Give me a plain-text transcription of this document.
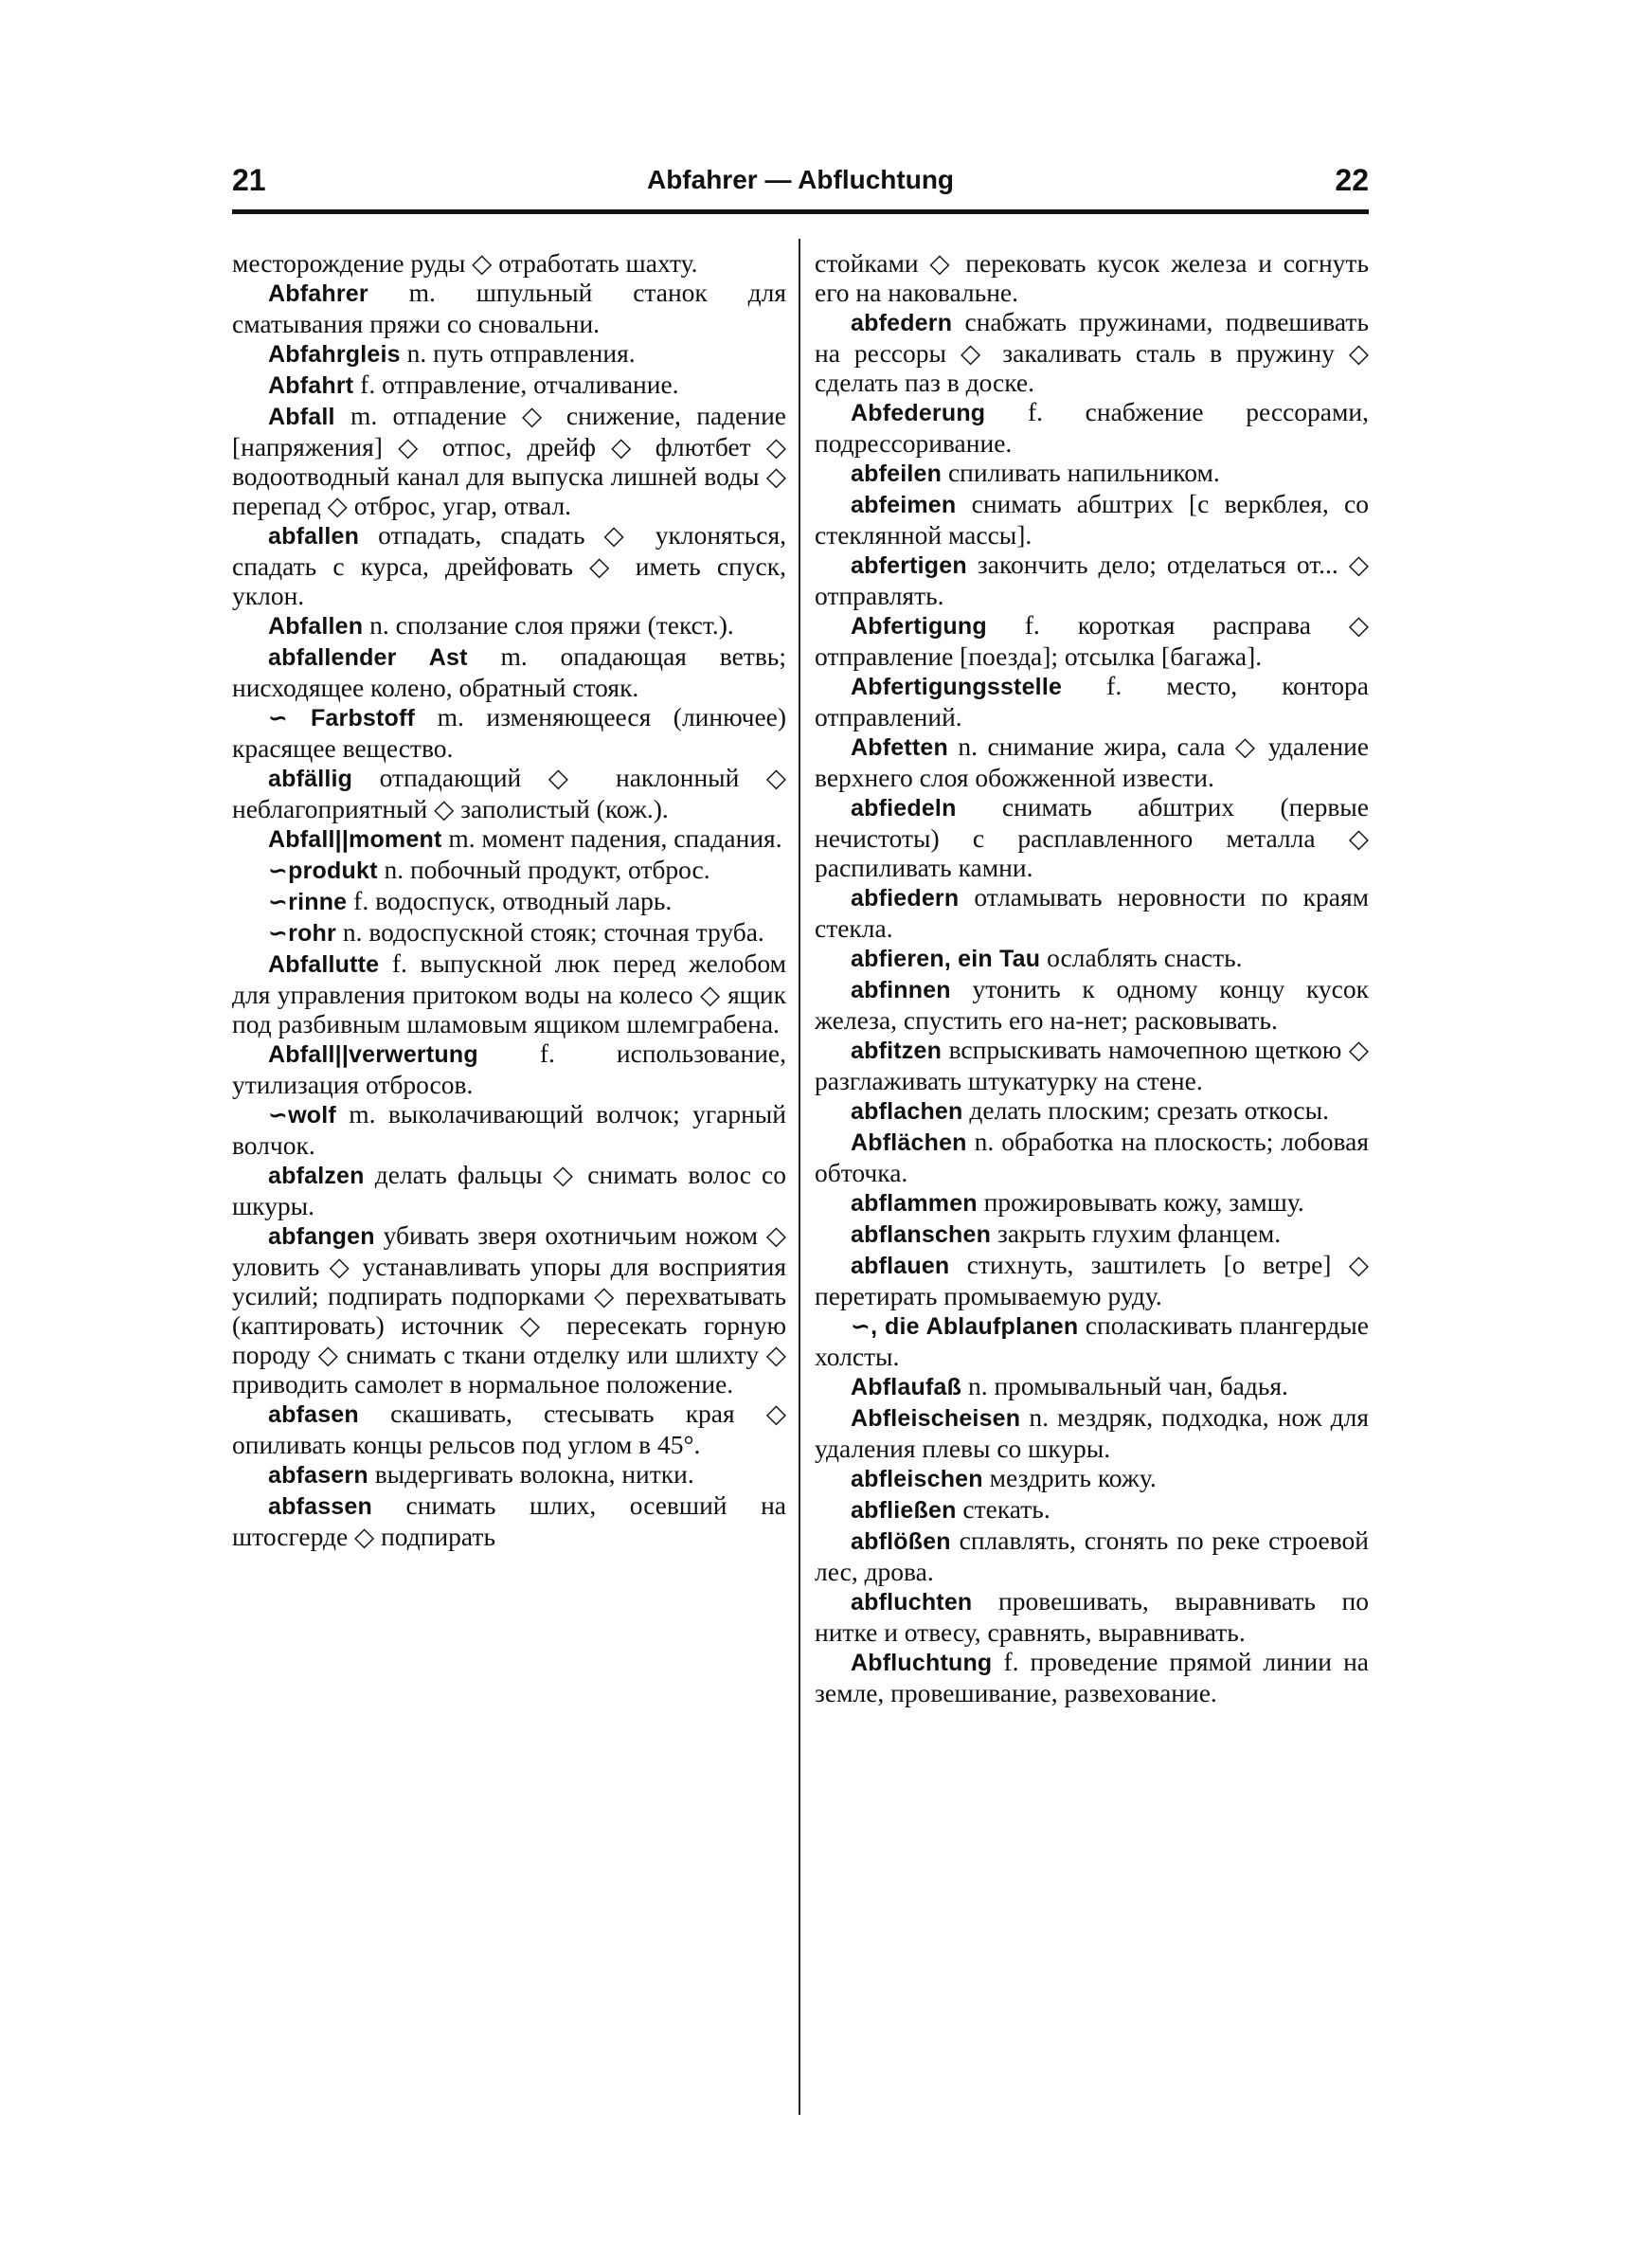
21	Abfahrer — Abfluchtung	22

месторождение руды ◇ отработать шахту.

Abfahrer m. шпульный станок для сматывания пряжи со сновальни.

Abfahrgleis n. путь отправления.

Abfahrt f. отправление, отчаливание.

Abfall m. отпадение ◇ снижение, падение [напряжения] ◇ отпос, дрейф ◇ флютбет ◇ водоотводный канал для выпуска лишней воды ◇ перепад ◇ отброс, угар, отвал.

abfallen отпадать, спадать ◇ уклоняться, спадать с курса, дрейфовать ◇ иметь спуск, уклон.

Abfallen n. сползание слоя пряжи (текст.).

abfallender Ast m. опадающая ветвь; нисходящее колено, обратный стояк.

∽ Farbstoff m. изменяющееся (линючее) красящее вещество.

abfällig отпадающий ◇ наклонный ◇ неблагоприятный ◇ заполистый (кож.).

Abfall||moment m. момент падения, спадания.

∽produkt n. побочный продукт, отброс.

∽rinne f. водоспуск, отводный ларь.

∽rohr n. водоспускной стояк; сточная труба.

Abfallutte f. выпускной люк перед желобом для управления притоком воды на колесо ◇ ящик под разбивным шламовым ящиком шлемграбена.

Abfall||verwertung f. использование, утилизация отбросов.

∽wolf m. выколачивающий волчок; угарный волчок.

abfalzen делать фальцы ◇ снимать волос со шкуры.

abfangen убивать зверя охотничьим ножом ◇ уловить ◇ устанавливать упоры для восприятия усилий; подпирать подпорками ◇ перехватывать (каптировать) источник ◇ пересекать горную породу ◇ снимать с ткани отделку или шлихту ◇ приводить самолет в нормальное положение.

abfasen скашивать, стесывать края ◇ опиливать концы рельсов под углом в 45°.

abfasern выдергивать волокна, нитки.

abfassen снимать шлих, осевший на штосгерде ◇ подпирать

стойками ◇ перековать кусок железа и согнуть его на наковальне.

abfedern снабжать пружинами, подвешивать на рессоры ◇ закаливать сталь в пружину ◇ сделать паз в доске.

Abfederung f. снабжение рессорами, подрессоривание.

abfeilen спиливать напильником.

abfeimen снимать абштрих [с веркблея, со стеклянной массы].

abfertigen закончить дело; отделаться от... ◇ отправлять.

Abfertigung f. короткая расправа ◇ отправление [поезда]; отсылка [багажа].

Abfertigungsstelle f. место, контора отправлений.

Abfetten n. снимание жира, сала ◇ удаление верхнего слоя обожженной извести.

abfiedeln снимать абштрих (первые нечистоты) с расплавленного металла ◇ распиливать камни.

abfiedern отламывать неровности по краям стекла.

abfieren, ein Tau ослаблять снасть.

abfinnen утонить к одному концу кусок железа, спустить его на-нет; расковывать.

abfitzen вспрыскивать намочепною щеткою ◇ разглаживать штукатурку на стене.

abflachen делать плоским; срезать откосы.

Abflächen n. обработка на плоскость; лобовая обточка.

abflammen прожировывать кожу, замшу.

abflanschen закрыть глухим фланцем.

abflauen стихнуть, заштилеть [о ветре] ◇ перетирать промываемую руду.

∽, die Ablaufplanen споласкивать плангердые холсты.

Abflaufaß n. промывальный чан, бадья.

Abfleischeisen n. мездряк, подходка, нож для удаления плевы со шкуры.

abfleischen мездрить кожу.

abfließen стекать.

abflößen сплавлять, сгонять по реке строевой лес, дрова.

abfluchten провешивать, выравнивать по нитке и отвесу, сравнять, выравнивать.

Abfluchtung f. проведение прямой линии на земле, провешивание, развехование.
